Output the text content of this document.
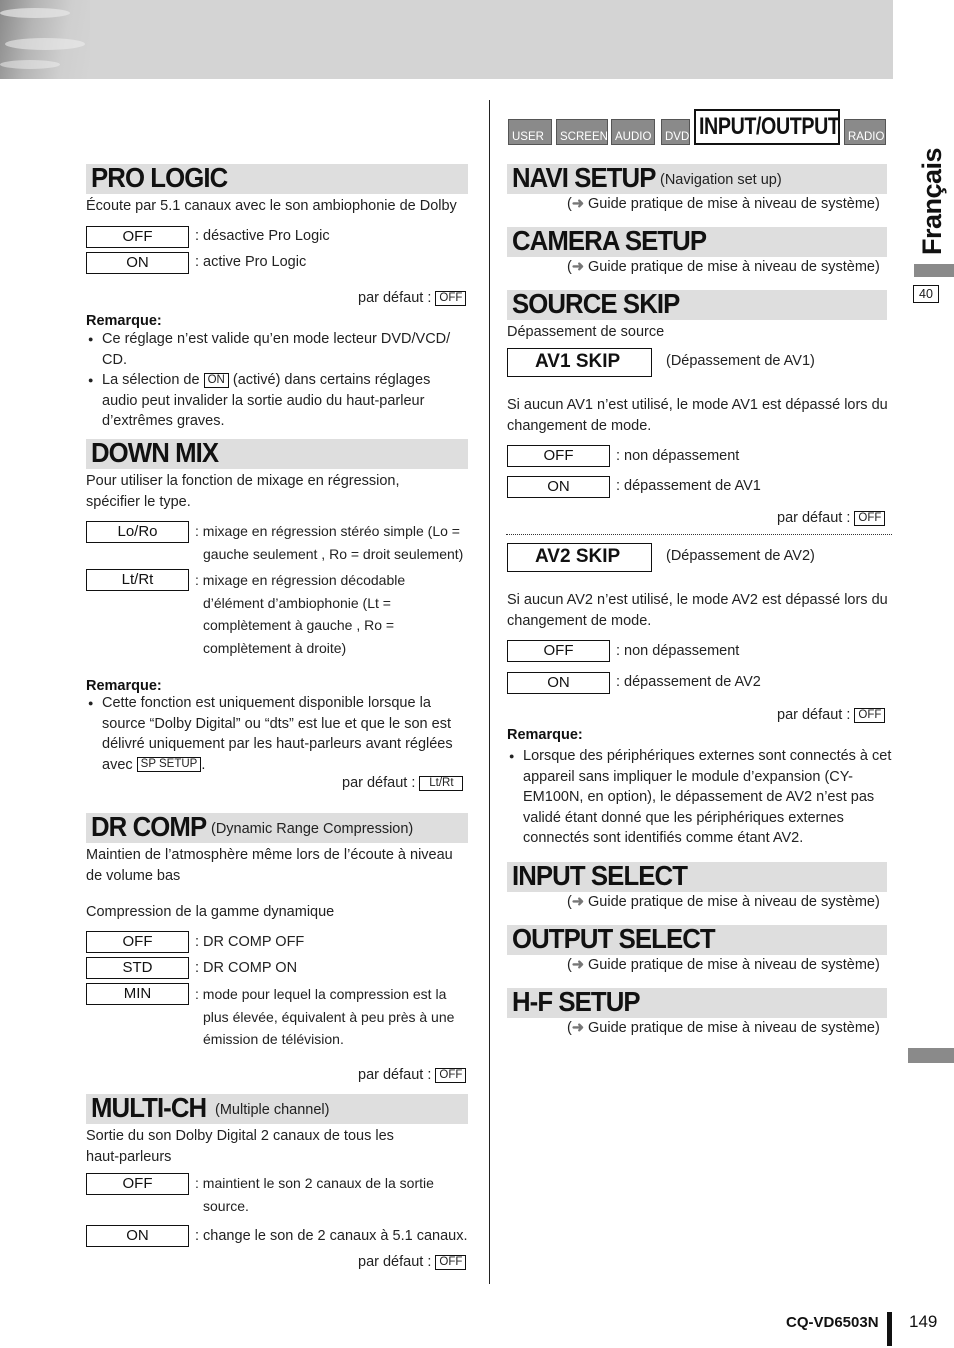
PRO LOGIC
Écoute par 5.1 canaux avec le son ambiophonie de Dolby
OFF	: désactive Pro Logic
ON	: active Pro Logic
par défaut : OFF
Remarque:
● Ce réglage n’est valide qu’en mode lecteur DVD/VCD/ CD.
● La sélection de ON (activé) dans certains réglages audio peut invalider la sortie audio du haut-parleur d’extrêmes graves.
DOWN MIX
Pour utiliser la fonction de mixage en régression, spécifier le type.
Lo/Ro	: mixage en régression stéréo simple (Lo = gauche seulement , Ro = droit seulement)
Lt/Rt	: mixage en régression décodable d’élément d’ambiophonie (Lt = complètement à gauche , Ro = complètement à droite)
Remarque:
● Cette fonction est uniquement disponible lorsque la source “Dolby Digital” ou “dts” est lue et que le son est délivré uniquement par les haut-parleurs avant réglées avec SP SETUP .
par défaut : Lt/Rt
DR COMP (Dynamic Range Compression)
Maintien de l’atmosphère même lors de l’écoute à niveau de volume bas
Compression de la gamme dynamique
OFF	: DR COMP OFF
STD	: DR COMP ON
MIN	: mode pour lequel la compression est la plus élevée, équivalent à peu près à une émission de télévision.
par défaut : OFF
MULTI-CH (Multiple channel)
Sortie du son Dolby Digital 2 canaux de tous les haut-parleurs
OFF	: maintient le son 2 canaux de la sortie source.
ON	: change le son de 2 canaux à 5.1 canaux.
par défaut : OFF
USER	SCREEN AUDIO	DVD INPUT/OUTPUT RADIO
NAVI SETUP (Navigation set up)
(➜ Guide pratique de mise à niveau de système)
CAMERA SETUP
(➜ Guide pratique de mise à niveau de système)
SOURCE SKIP
Dépassement de source
AV1 SKIP	(Dépassement de AV1)
Si aucun AV1 n’est utilisé, le mode AV1 est dépassé lors du changement de mode.
OFF	: non dépassement
ON	: dépassement de AV1
par défaut : OFF
AV2 SKIP	(Dépassement de AV2)
Si aucun AV2 n’est utilisé, le mode AV2 est dépassé lors du changement de mode.
OFF	: non dépassement
ON	: dépassement de AV2
par défaut : OFF
Remarque:
● Lorsque des périphériques externes sont connectés à cet appareil sans impliquer le module d’expansion (CY-EM100N, en option), le dépassement de AV2 n’est pas validé étant donné que les périphériques externes connectés sont identifiés comme étant AV2.
INPUT SELECT
(➜ Guide pratique de mise à niveau de système)
OUTPUT SELECT
(➜ Guide pratique de mise à niveau de système)
H-F SETUP
(➜ Guide pratique de mise à niveau de système)
Français
40
CQ-VD6503N 149
